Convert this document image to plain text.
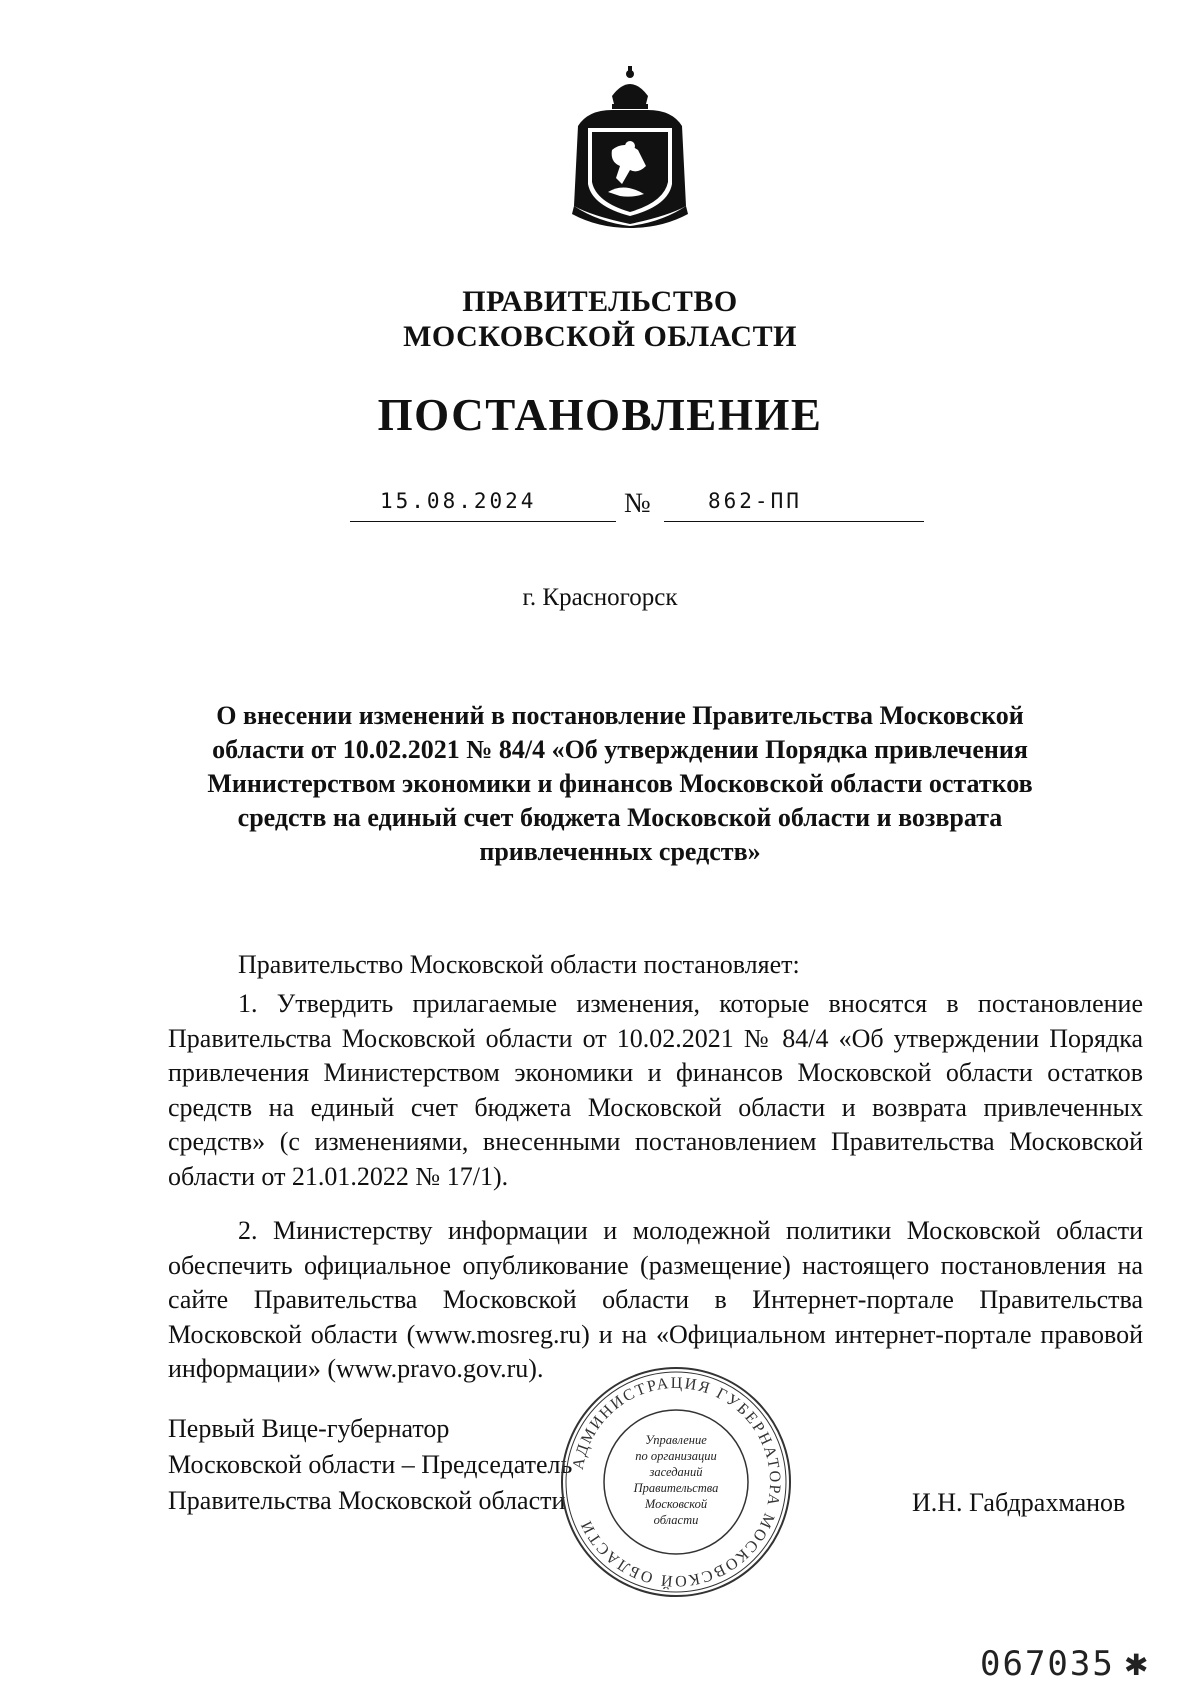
ПРАВИТЕЛЬСТВО
МОСКОВСКОЙ ОБЛАСТИ
ПОСТАНОВЛЕНИЕ
15.08.2024	№	862-ПП
г. Красногорск
О внесении изменений в постановление Правительства Московской области от 10.02.2021 № 84/4 «Об утверждении Порядка привлечения Министерством экономики и финансов Московской области остатков средств на единый счет бюджета Московской области и возврата привлеченных средств»
Правительство Московской области постановляет:

1. Утвердить прилагаемые изменения, которые вносятся в постановление Правительства Московской области от 10.02.2021 № 84/4 «Об утверждении Порядка привлечения Министерством экономики и финансов Московской области остатков средств на единый счет бюджета Московской области и возврата привлеченных средств» (с изменениями, внесенными постановлением Правительства Московской области от 21.01.2022 № 17/1).

2. Министерству информации и молодежной политики Московской области обеспечить официальное опубликование (размещение) настоящего постановления на сайте Правительства Московской области в Интернет-портале Правительства Московской области (www.mosreg.ru) и на «Официальном интернет-портале правовой информации» (www.pravo.gov.ru).

Первый Вице-губернатор
Московской области – Председатель
Правительства Московской области	И.Н. Габдрахманов
АДМИНИСТРАЦИЯ ГУБЕРНАТОРА МОСКОВСКОЙ ОБЛАСТИ
Управление
по организации
заседаний
Правительства
Московской
области
067035 ✱
